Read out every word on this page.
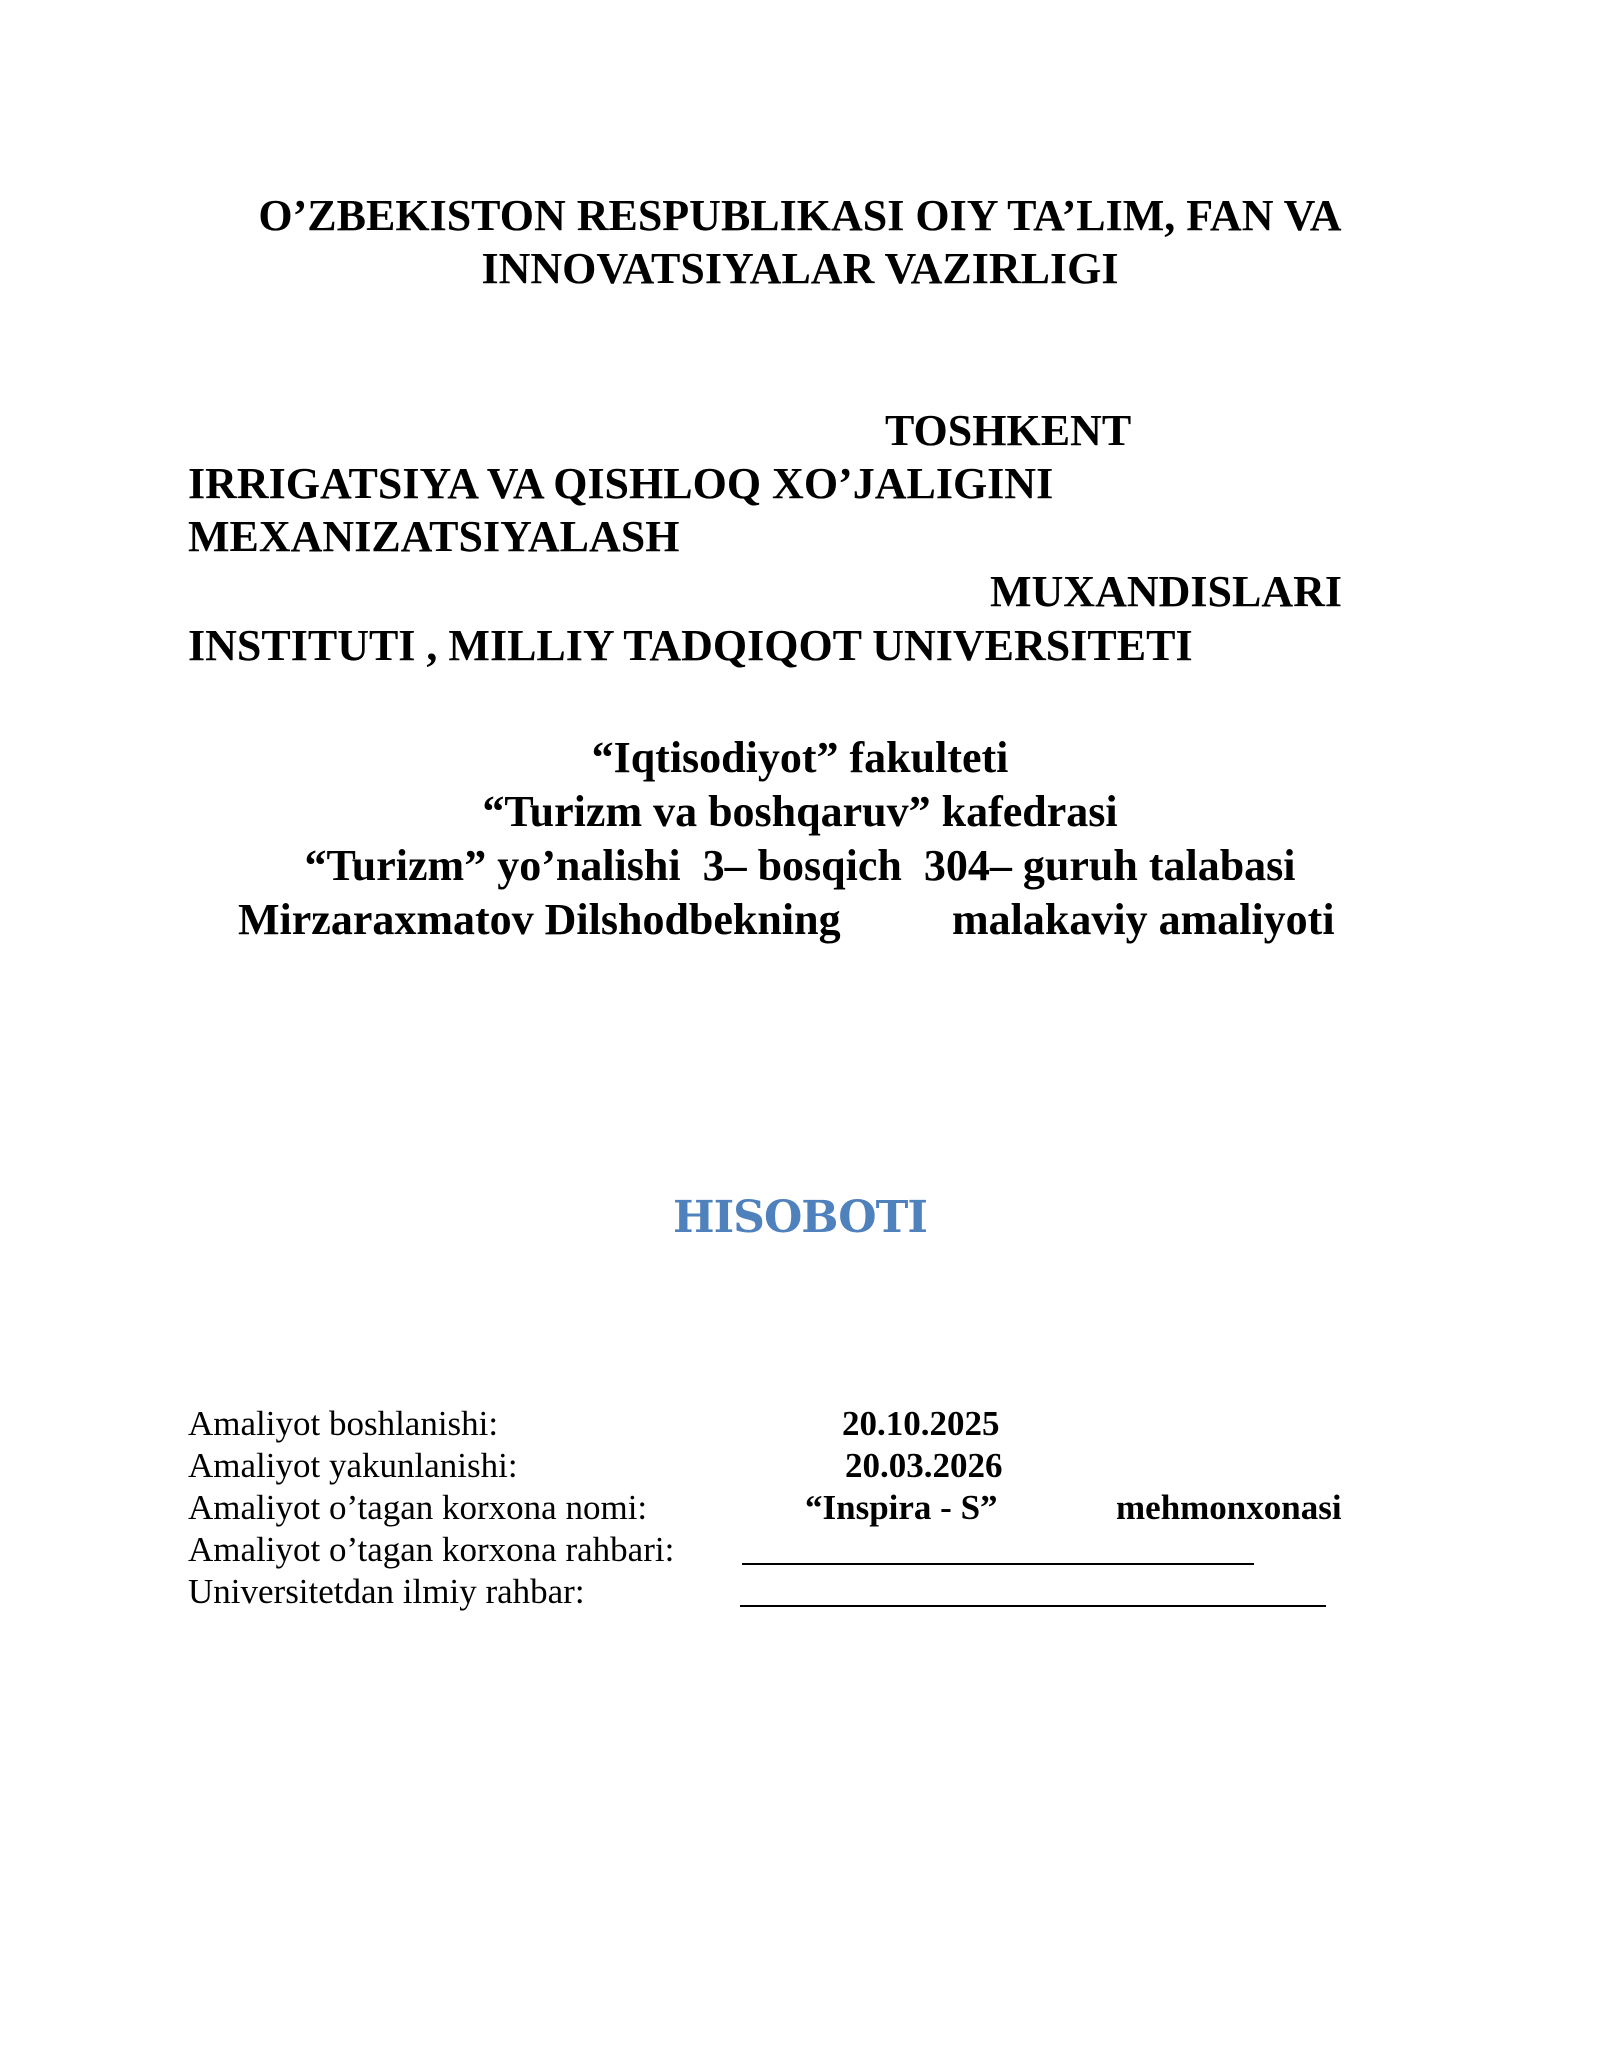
O’ZBEKISTON RESPUBLIKASI OIY TA’LIM, FAN VA
INNOVATSIYALAR VAZIRLIGI
TOSHKENT
IRRIGATSIYA VA QISHLOQ XO’JALIGINI
MEXANIZATSIYALASH
MUXANDISLARI
INSTITUTI , MILLIY TADQIQOT UNIVERSITETI
“Iqtisodiyot” fakulteti
“Turizm va boshqaruv” kafedrasi
“Turizm” yo’nalishi  3– bosqich  304– guruh talabasi
Mirzaraxmatov Dilshodbekning	malakaviy amaliyoti
HISOBOTI
Amaliyot boshlanishi:	20.10.2025
Amaliyot yakunlanishi:	20.03.2026
Amaliyot o’tagan korxona nomi:	“Inspira - S”	mehmonxonasi
Amaliyot o’tagan korxona rahbari:
Universitetdan ilmiy rahbar:
